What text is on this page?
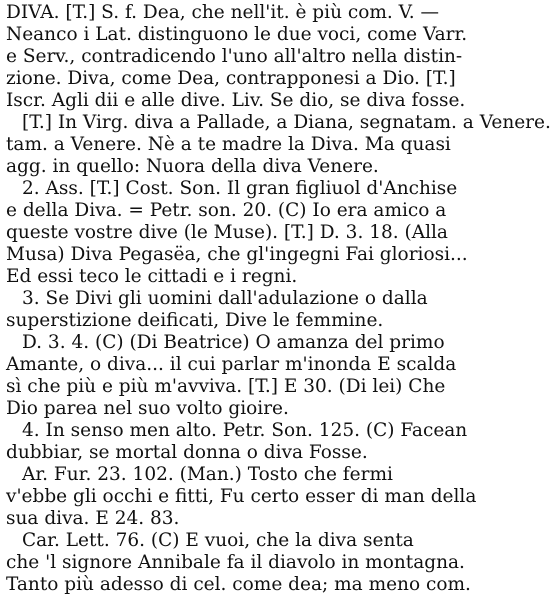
DIVA. [T.] S. f. Dea, che nell'it. è più com. V. —
Neanco i Lat. distinguono le due voci, come Varr.
e Serv., contradicendo l'uno all'altro nella distin-
zione. Diva, come Dea, contrapponesi a Dio. [T.]
Iscr. Agli dii e alle dive. Liv. Se dio, se diva fosse.
[T.] In Virg. diva a Pallade, a Diana, segnatam. a Venere.
tam. a Venere. Nè a te madre la Diva. Ma quasi
agg. in quello: Nuora della diva Venere.
2. Ass. [T.] Cost. Son. Il gran figliuol d'Anchise
e della Diva. = Petr. son. 20. (C) Io era amico a
queste vostre dive (le Muse). [T.] D. 3. 18. (Alla
Musa) Diva Pegasëa, che gl'ingegni Fai gloriosi...
Ed essi teco le cittadi e i regni.
3. Se Divi gli uomini dall'adulazione o dalla
superstizione deificati, Dive le femmine.
D. 3. 4. (C) (Di Beatrice) O amanza del primo
Amante, o diva... il cui parlar m'inonda E scalda
sì che più e più m'avviva. [T.] E 30. (Di lei) Che
Dio parea nel suo volto gioire.
4. In senso men alto. Petr. Son. 125. (C) Facean
dubbiar, se mortal donna o diva Fosse.
Ar. Fur. 23. 102. (Man.) Tosto che fermi
v'ebbe gli occhi e fitti, Fu certo esser di man della
sua diva. E 24. 83.
Car. Lett. 76. (C) E vuoi, che la diva senta
che 'l signore Annibale fa il diavolo in montagna.
Tanto più adesso di cel. come dea; ma meno com.
